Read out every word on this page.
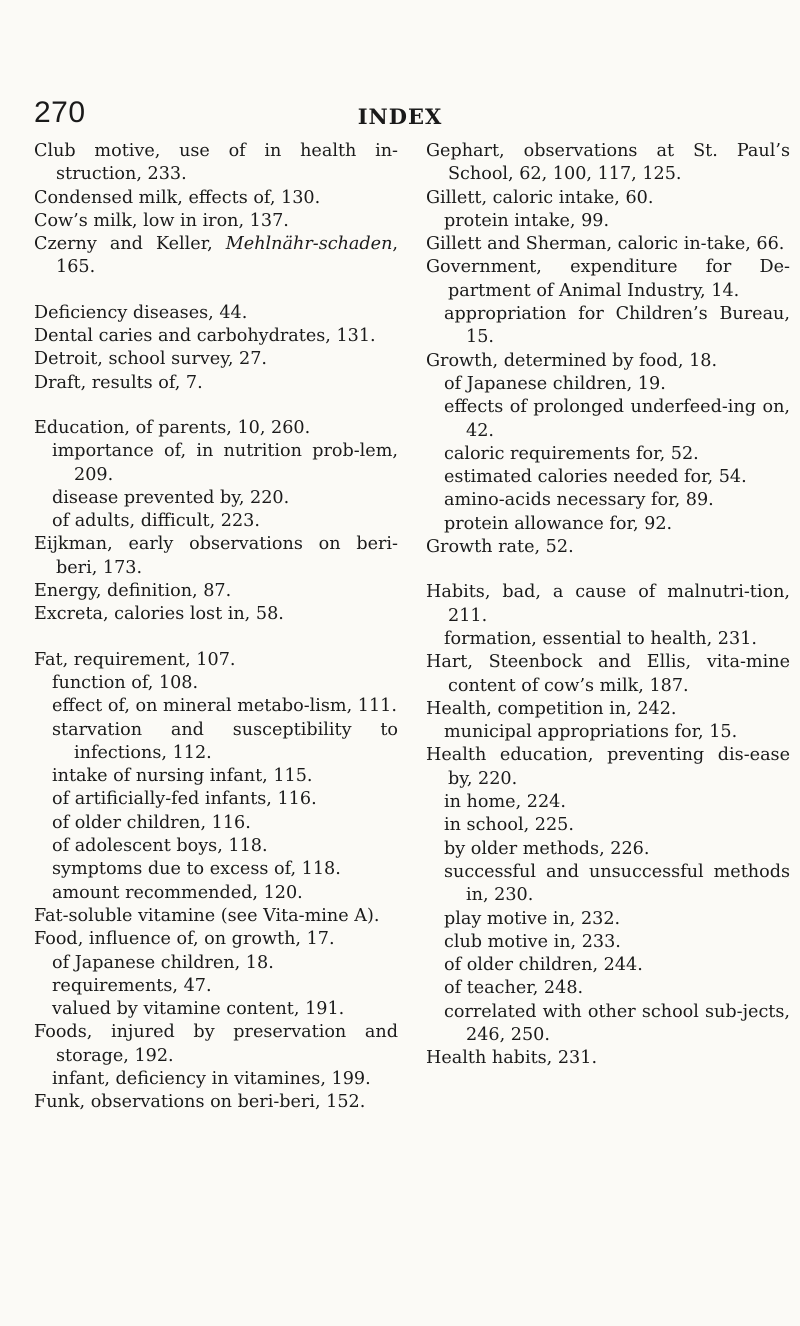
270	INDEX
Club motive, use of in health in-struction, 233.
Condensed milk, effects of, 130.
Cow’s milk, low in iron, 137.
Czerny and Keller, Mehlnähr-schaden, 165.
Deficiency diseases, 44.
Dental caries and carbohydrates, 131.
Detroit, school survey, 27.
Draft, results of, 7.
Education, of parents, 10, 260.
importance of, in nutrition prob-lem, 209.
disease prevented by, 220.
of adults, difficult, 223.
Eijkman, early observations on beri-beri, 173.
Energy, definition, 87.
Excreta, calories lost in, 58.
Fat, requirement, 107.
function of, 108.
effect of, on mineral metabo-lism, 111.
starvation and susceptibility to infections, 112.
intake of nursing infant, 115.
of artificially-fed infants, 116.
of older children, 116.
of adolescent boys, 118.
symptoms due to excess of, 118.
amount recommended, 120.
Fat-soluble vitamine (see Vita-mine A).
Food, influence of, on growth, 17.
of Japanese children, 18.
requirements, 47.
valued by vitamine content, 191.
Foods, injured by preservation and storage, 192.
infant, deficiency in vitamines, 199.
Funk, observations on beri-beri, 152.
Gephart, observations at St. Paul’s School, 62, 100, 117, 125.
Gillett, caloric intake, 60.
protein intake, 99.
Gillett and Sherman, caloric in-take, 66.
Government, expenditure for De-partment of Animal Industry, 14.
appropriation for Children’s Bureau, 15.
Growth, determined by food, 18.
of Japanese children, 19.
effects of prolonged underfeed-ing on, 42.
caloric requirements for, 52.
estimated calories needed for, 54.
amino-acids necessary for, 89.
protein allowance for, 92.
Growth rate, 52.
Habits, bad, a cause of malnutri-tion, 211.
formation, essential to health, 231.
Hart, Steenbock and Ellis, vita-mine content of cow’s milk, 187.
Health, competition in, 242.
municipal appropriations for, 15.
Health education, preventing dis-ease by, 220.
in home, 224.
in school, 225.
by older methods, 226.
successful and unsuccessful methods in, 230.
play motive in, 232.
club motive in, 233.
of older children, 244.
of teacher, 248.
correlated with other school sub-jects, 246, 250.
Health habits, 231.
